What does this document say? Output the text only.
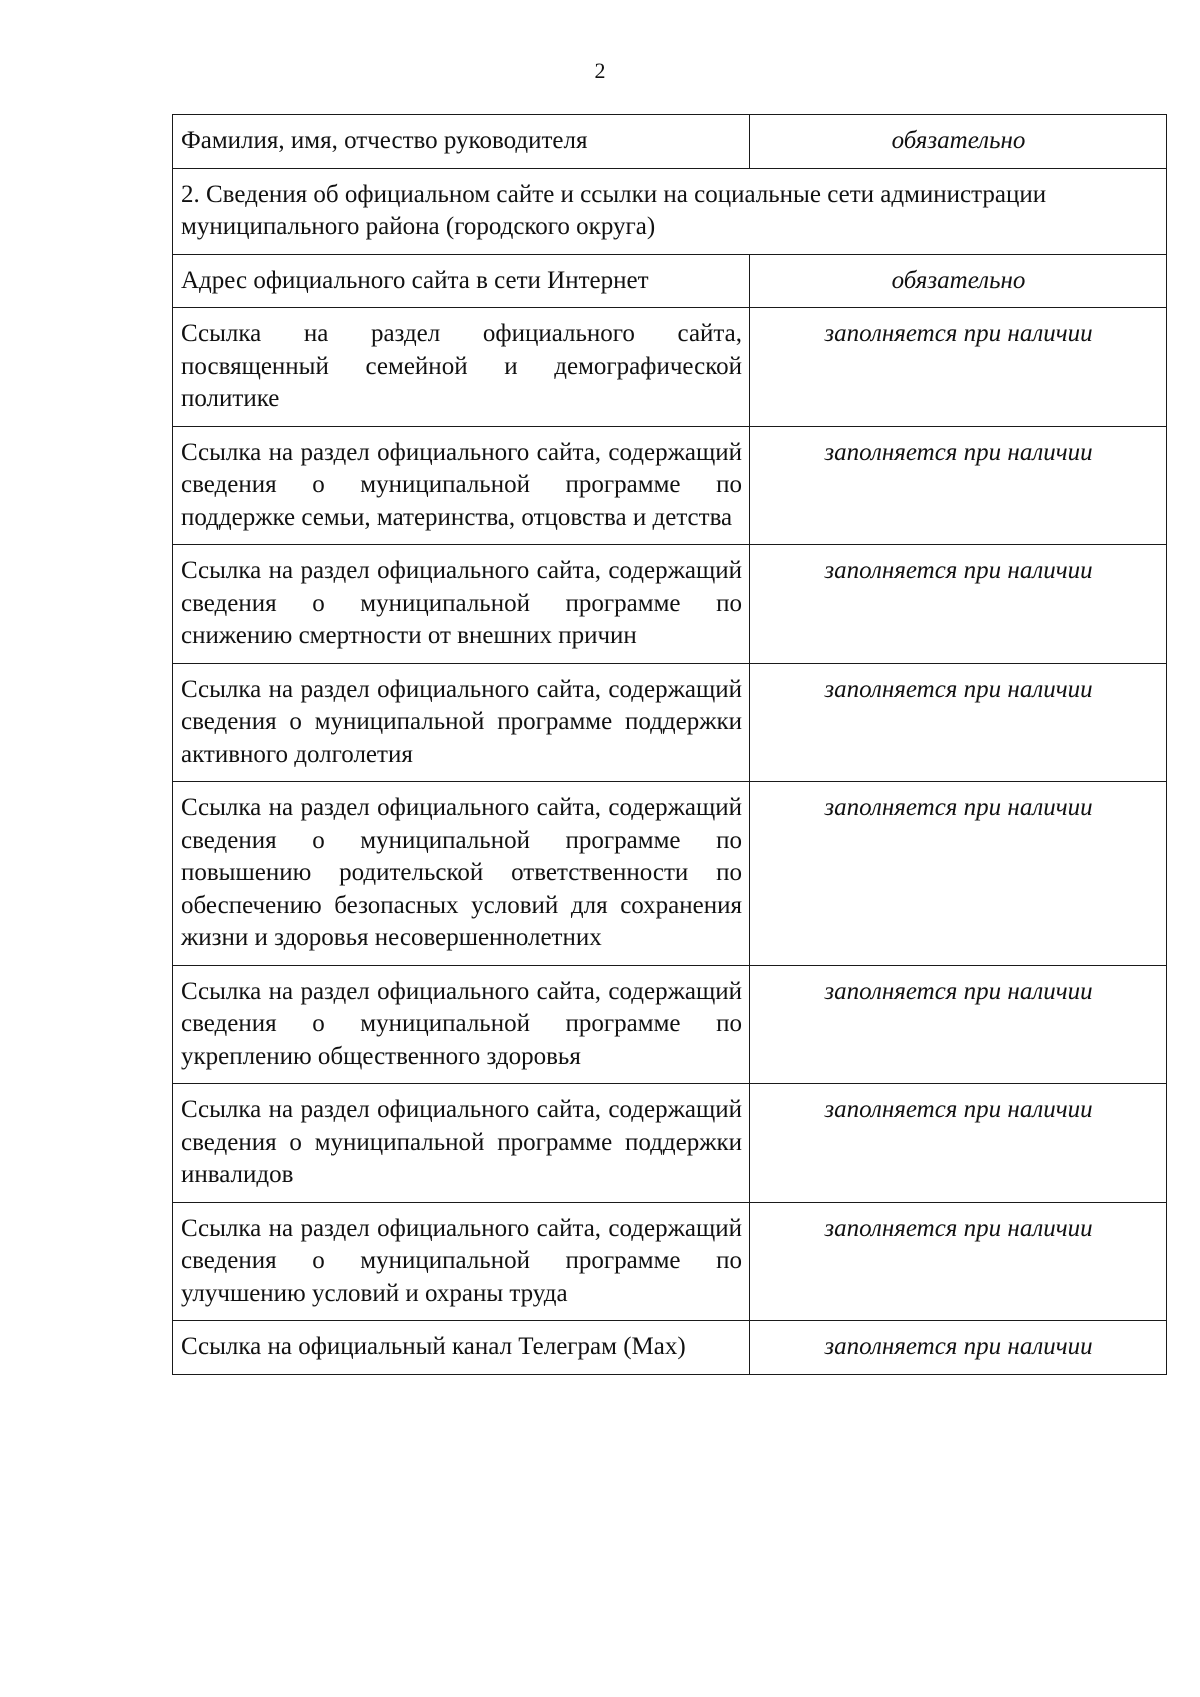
2
Фамилия, имя, отчество руководителя	обязательно
2. Сведения об официальном сайте и ссылки на социальные сети администрации муниципального района (городского округа)	
Адрес официального сайта в сети Интернет	обязательно
Ссылка на раздел официального сайта, посвященный семейной и демографической политике	заполняется при наличии
Ссылка на раздел официального сайта, содержащий сведения о муниципальной программе по поддержке семьи, материнства, отцовства и детства	заполняется при наличии
Ссылка на раздел официального сайта, содержащий сведения о муниципальной программе по снижению смертности от внешних причин	заполняется при наличии
Ссылка на раздел официального сайта, содержащий сведения о муниципальной программе поддержки активного долголетия	заполняется при наличии
Ссылка на раздел официального сайта, содержащий сведения о муниципальной программе по повышению родительской ответственности по обеспечению безопасных условий для сохранения жизни и здоровья несовершеннолетних	заполняется при наличии
Ссылка на раздел официального сайта, содержащий сведения о муниципальной программе по укреплению общественного здоровья	заполняется при наличии
Ссылка на раздел официального сайта, содержащий сведения о муниципальной программе поддержки инвалидов	заполняется при наличии
Ссылка на раздел официального сайта, содержащий сведения о муниципальной программе по улучшению условий и охраны труда	заполняется при наличии
Ссылка на официальный канал Телеграм (Max)	заполняется при наличии
